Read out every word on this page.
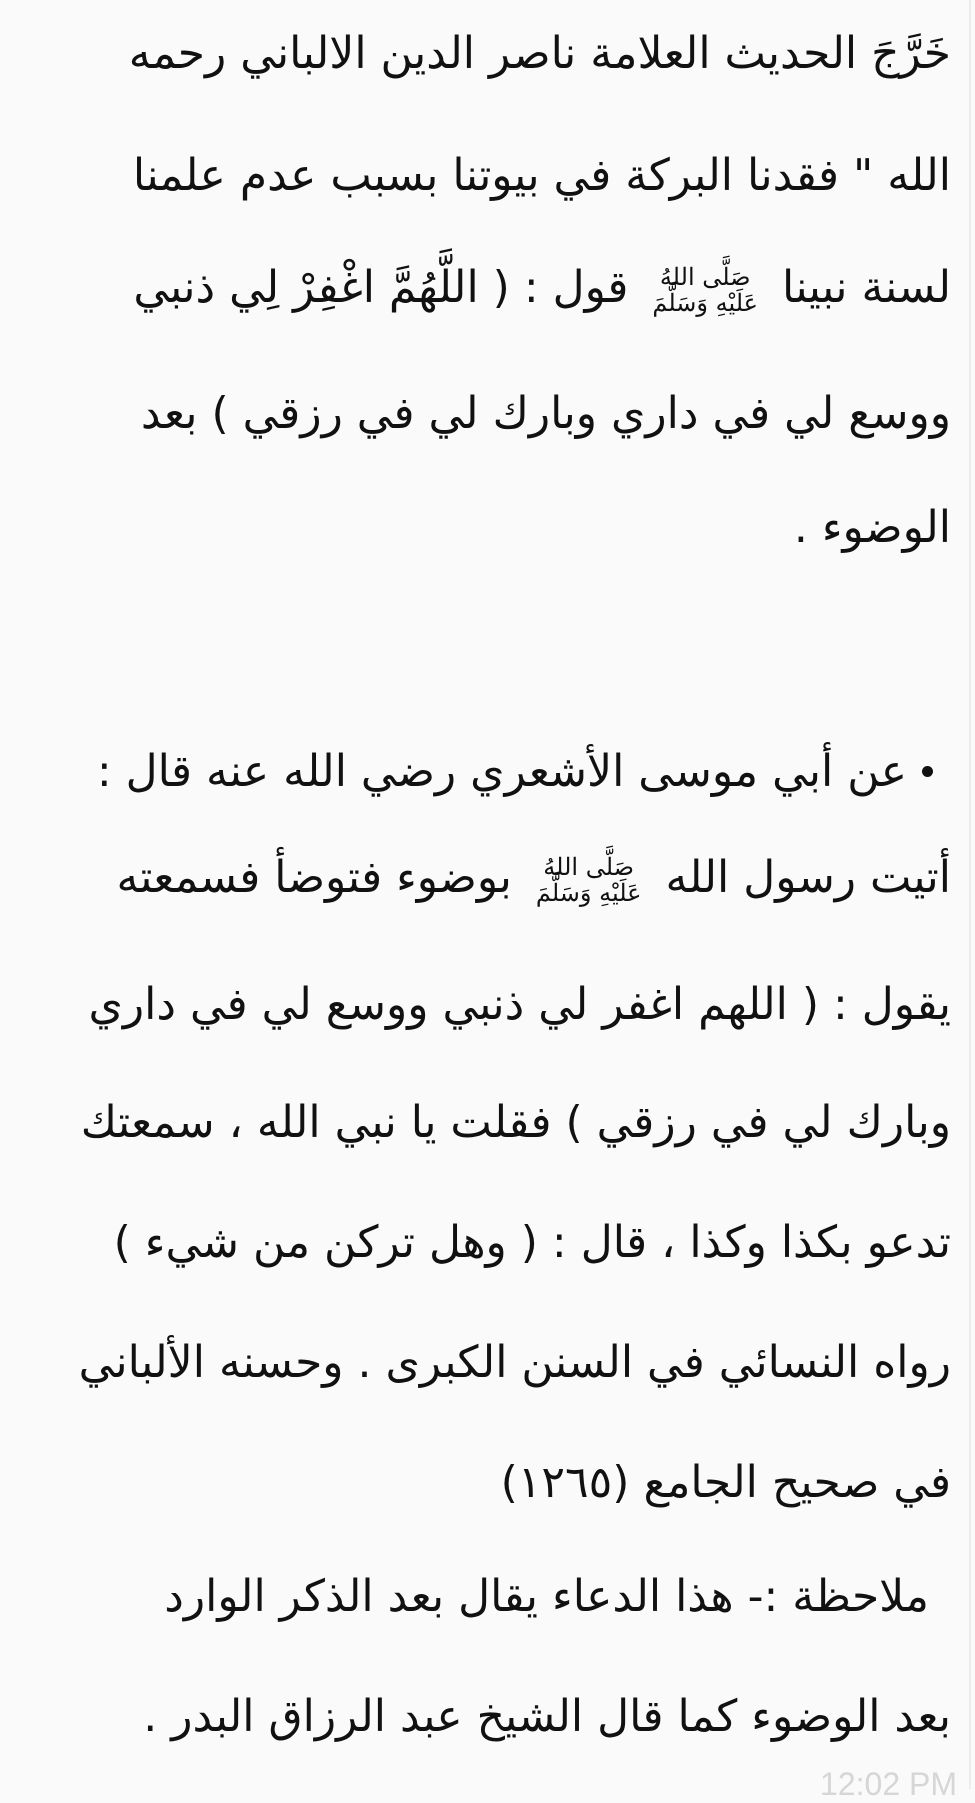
خَرَّجَ الحديث العلامة ناصر الدين الالباني رحمه
الله " فقدنا البركة في بيوتنا بسبب عدم علمنا
لسنة نبينا
صَلَّى اللهُ
عَلَيْهِ وَسَلَّمَ
قول : ( اللَّهُمَّ اغْفِرْ لِي ذنبي
ووسع لي في داري وبارك لي في رزقي ) بعد
الوضوء .
عن أبي موسى الأشعري رضي الله عنه قال :
أتيت رسول الله
صَلَّى اللهُ
عَلَيْهِ وَسَلَّمَ
بوضوء فتوضأ فسمعته
يقول : ( اللهم اغفر لي ذنبي ووسع لي في داري
وبارك لي في رزقي ) فقلت يا نبي الله ، سمعتك
تدعو بكذا وكذا ، قال : ( وهل تركن من شيء )
رواه النسائي في السنن الكبرى . وحسنه الألباني
في صحيح الجامع (١٢٦٥)
ملاحظة :- هذا الدعاء يقال بعد الذكر الوارد
بعد الوضوء كما قال الشيخ عبد الرزاق البدر .
12:02 PM
